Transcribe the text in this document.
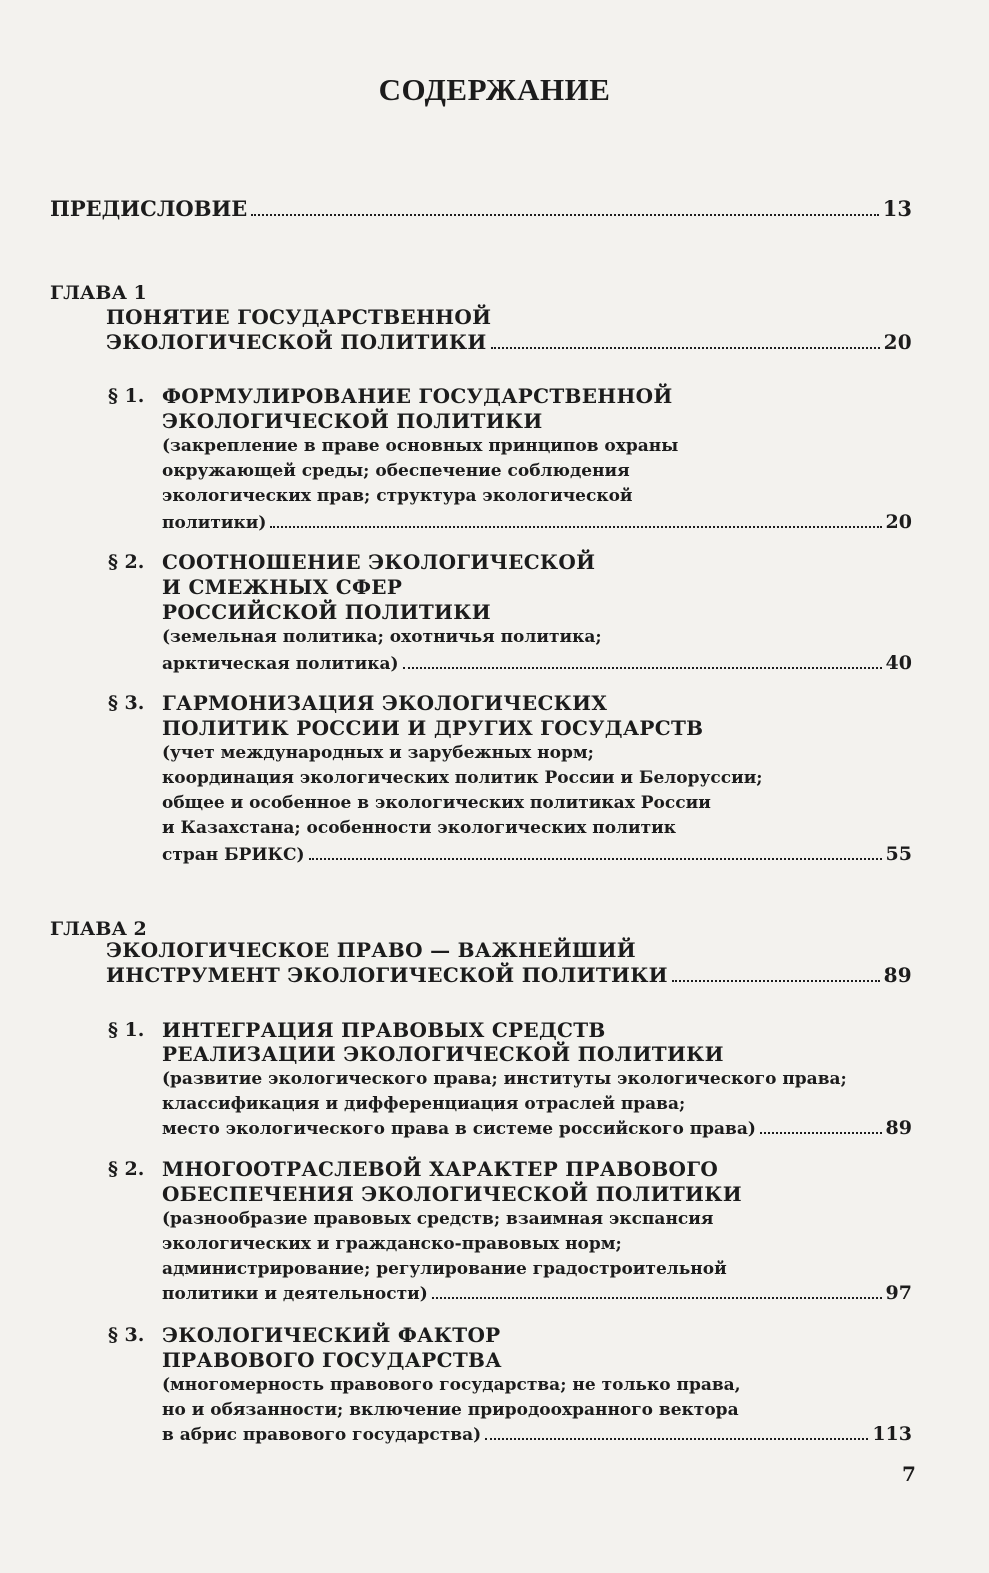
СОДЕРЖАНИЕ
ПРЕДИСЛОВИЕ	13
ГЛАВА 1
ПОНЯТИЕ ГОСУДАРСТВЕННОЙ
ЭКОЛОГИЧЕСКОЙ ПОЛИТИКИ	20
§ 1. ФОРМУЛИРОВАНИЕ ГОСУДАРСТВЕННОЙ
ЭКОЛОГИЧЕСКОЙ ПОЛИТИКИ
(закрепление в праве основных принципов охраны
окружающей среды; обеспечение соблюдения
экологических прав; структура экологической
политики)	20
§ 2. СООТНОШЕНИЕ ЭКОЛОГИЧЕСКОЙ
И СМЕЖНЫХ СФЕР
РОССИЙСКОЙ ПОЛИТИКИ
(земельная политика; охотничья политика;
арктическая политика)	40
§ 3. ГАРМОНИЗАЦИЯ ЭКОЛОГИЧЕСКИХ
ПОЛИТИК РОССИИ И ДРУГИХ ГОСУДАРСТВ
(учет международных и зарубежных норм;
координация экологических политик России и Белоруссии;
общее и особенное в экологических политиках России
и Казахстана; особенности экологических политик
стран БРИКС)	55
ГЛАВА 2
ЭКОЛОГИЧЕСКОЕ ПРАВО — ВАЖНЕЙШИЙ
ИНСТРУМЕНТ ЭКОЛОГИЧЕСКОЙ ПОЛИТИКИ	89
§ 1. ИНТЕГРАЦИЯ ПРАВОВЫХ СРЕДСТВ
РЕАЛИЗАЦИИ ЭКОЛОГИЧЕСКОЙ ПОЛИТИКИ
(развитие экологического права; институты экологического права;
классификация и дифференциация отраслей права;
место экологического права в системе российского права)	89
§ 2. МНОГООТРАСЛЕВОЙ ХАРАКТЕР ПРАВОВОГО
ОБЕСПЕЧЕНИЯ ЭКОЛОГИЧЕСКОЙ ПОЛИТИКИ
(разнообразие правовых средств; взаимная экспансия
экологических и гражданско-правовых норм;
администрирование; регулирование градостроительной
политики и деятельности)	97
§ 3. ЭКОЛОГИЧЕСКИЙ ФАКТОР
ПРАВОВОГО ГОСУДАРСТВА
(многомерность правового государства; не только права,
но и обязанности; включение природоохранного вектора
в абрис правового государства)	113
7
